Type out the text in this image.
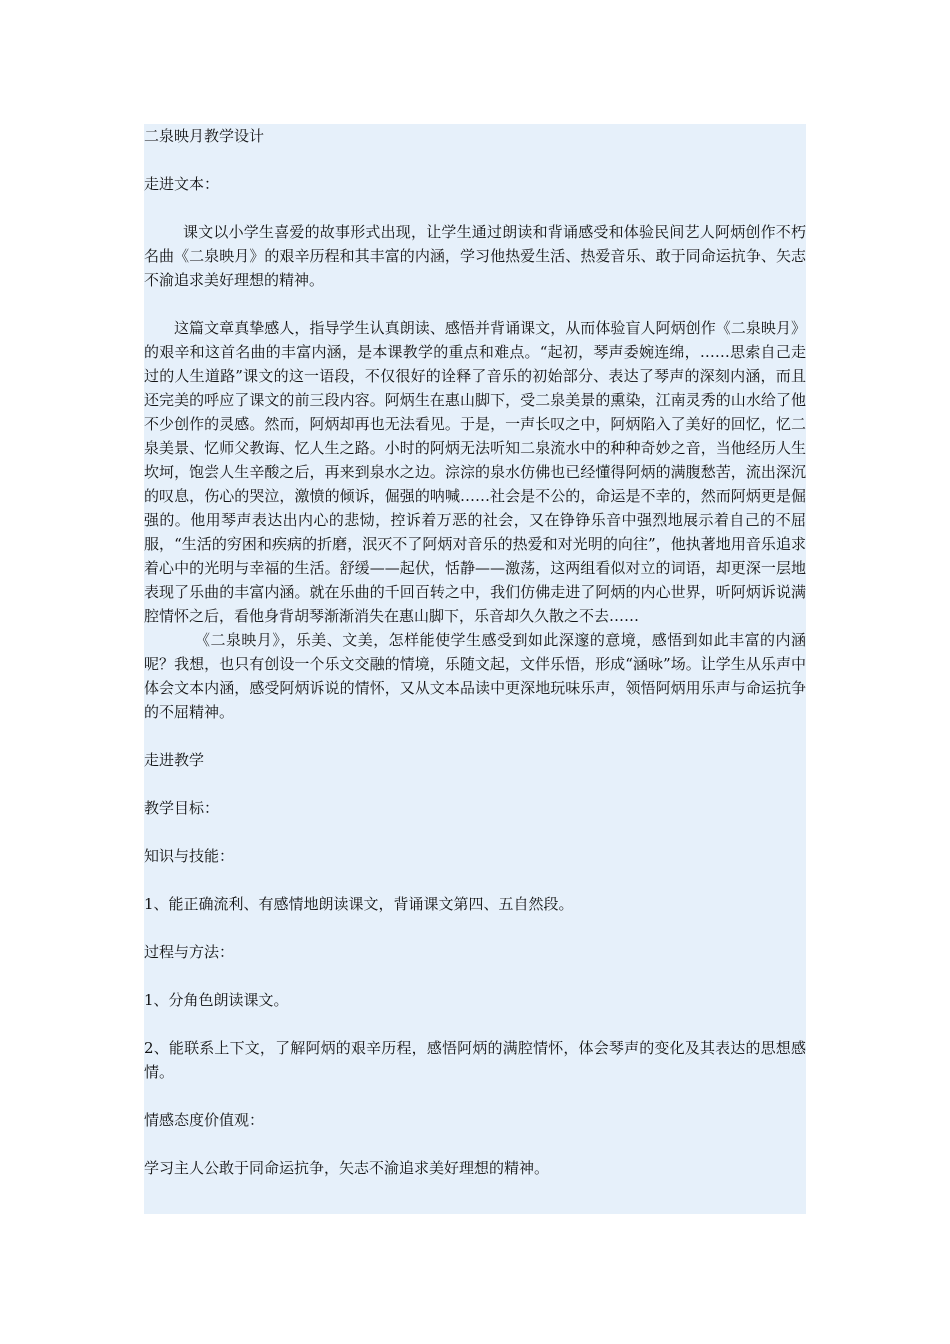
二泉映月教学设计

走进文本：

课文以小学生喜爱的故事形式出现，让学生通过朗读和背诵感受和体验民间艺人阿炳创作不朽名曲《二泉映月》的艰辛历程和其丰富的内涵，学习他热爱生活、热爱音乐、敢于同命运抗争、矢志不渝追求美好理想的精神。

这篇文章真挚感人，指导学生认真朗读、感悟并背诵课文，从而体验盲人阿炳创作《二泉映月》的艰辛和这首名曲的丰富内涵，是本课教学的重点和难点。“起初，琴声委婉连绵，……思索自己走过的人生道路”课文的这一语段，不仅很好的诠释了音乐的初始部分、表达了琴声的深刻内涵，而且还完美的呼应了课文的前三段内容。阿炳生在惠山脚下，受二泉美景的熏染，江南灵秀的山水给了他不少创作的灵感。然而，阿炳却再也无法看见。于是，一声长叹之中，阿炳陷入了美好的回忆，忆二泉美景、忆师父教诲、忆人生之路。小时的阿炳无法听知二泉流水中的种种奇妙之音，当他经历人生坎坷，饱尝人生辛酸之后，再来到泉水之边。淙淙的泉水仿佛也已经懂得阿炳的满腹愁苦，流出深沉的叹息，伤心的哭泣，激愤的倾诉，倔强的呐喊……社会是不公的，命运是不幸的，然而阿炳更是倔强的。他用琴声表达出内心的悲恸，控诉着万恶的社会，又在铮铮乐音中强烈地展示着自己的不屈服，“生活的穷困和疾病的折磨，泯灭不了阿炳对音乐的热爱和对光明的向往”，他执著地用音乐追求着心中的光明与幸福的生活。舒缓——起伏，恬静——激荡，这两组看似对立的词语，却更深一层地表现了乐曲的丰富内涵。就在乐曲的千回百转之中，我们仿佛走进了阿炳的内心世界，听阿炳诉说满腔情怀之后，看他身背胡琴渐渐消失在惠山脚下，乐音却久久散之不去……

《二泉映月》，乐美、文美，怎样能使学生感受到如此深邃的意境，感悟到如此丰富的内涵呢？我想，也只有创设一个乐文交融的情境，乐随文起，文伴乐悟，形成“涵咏”场。让学生从乐声中体会文本内涵，感受阿炳诉说的情怀，又从文本品读中更深地玩味乐声，领悟阿炳用乐声与命运抗争的不屈精神。

走进教学

教学目标：

知识与技能：

1、能正确流利、有感情地朗读课文，背诵课文第四、五自然段。

过程与方法：

1、分角色朗读课文。

2、能联系上下文，了解阿炳的艰辛历程，感悟阿炳的满腔情怀，体会琴声的变化及其表达的思想感情。

情感态度价值观：

学习主人公敢于同命运抗争，矢志不渝追求美好理想的精神。
